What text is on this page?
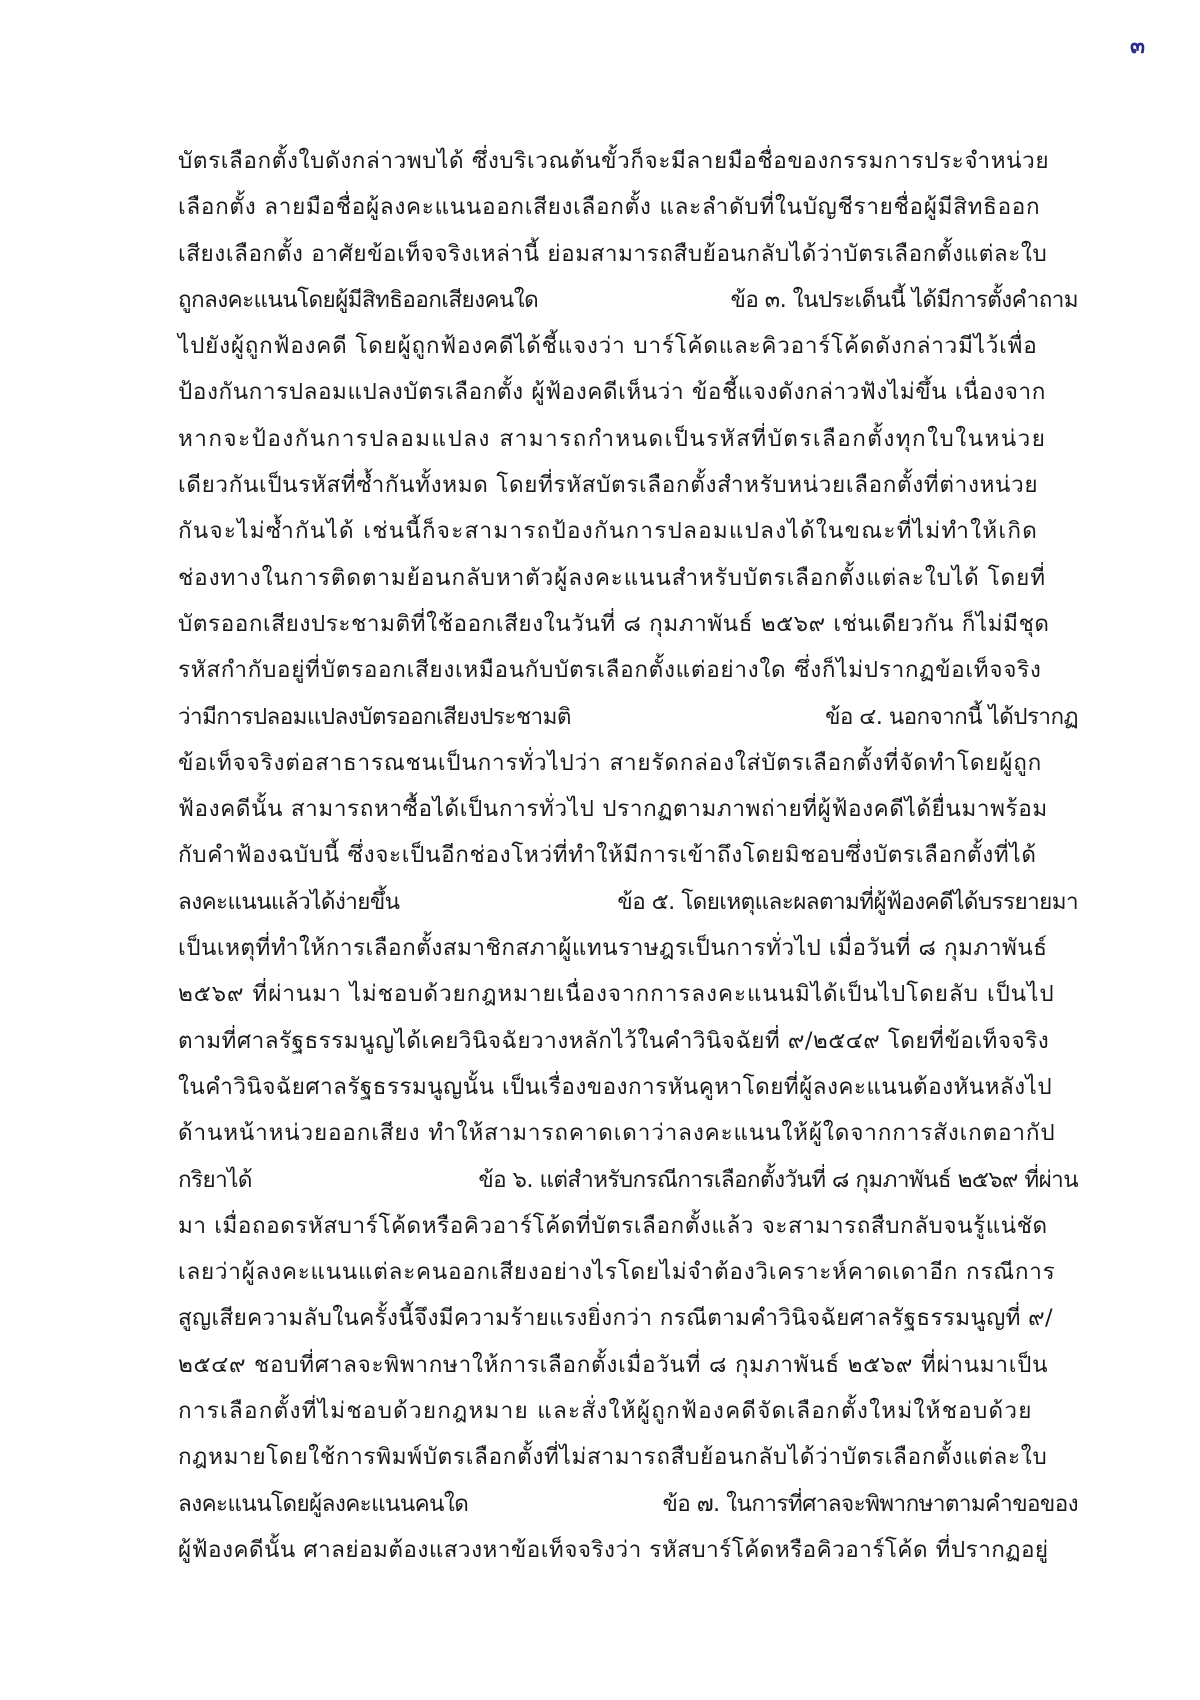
๓
บัตรเลือกตั้งใบดังกล่าวพบได้ ซึ่งบริเวณต้นขั้วก็จะมีลายมือชื่อของกรรมการประจำหน่วย
เลือกตั้ง ลายมือชื่อผู้ลงคะแนนออกเสียงเลือกตั้ง และลำดับที่ในบัญชีรายชื่อผู้มีสิทธิออก
เสียงเลือกตั้ง อาศัยข้อเท็จจริงเหล่านี้ ย่อมสามารถสืบย้อนกลับได้ว่าบัตรเลือกตั้งแต่ละใบ
ถูกลงคะแนนโดยผู้มีสิทธิออกเสียงคนใด	ข้อ ๓. ในประเด็นนี้ ได้มีการตั้งคำถาม
ไปยังผู้ถูกฟ้องคดี โดยผู้ถูกฟ้องคดีได้ชี้แจงว่า บาร์โค้ดและคิวอาร์โค้ดดังกล่าวมีไว้เพื่อ
ป้องกันการปลอมแปลงบัตรเลือกตั้ง ผู้ฟ้องคดีเห็นว่า ข้อชี้แจงดังกล่าวฟังไม่ขึ้น เนื่องจาก
หากจะป้องกันการปลอมแปลง สามารถกำหนดเป็นรหัสที่บัตรเลือกตั้งทุกใบในหน่วย
เดียวกันเป็นรหัสที่ซ้ำกันทั้งหมด โดยที่รหัสบัตรเลือกตั้งสำหรับหน่วยเลือกตั้งที่ต่างหน่วย
กันจะไม่ซ้ำกันได้ เช่นนี้ก็จะสามารถป้องกันการปลอมแปลงได้ในขณะที่ไม่ทำให้เกิด
ช่องทางในการติดตามย้อนกลับหาตัวผู้ลงคะแนนสำหรับบัตรเลือกตั้งแต่ละใบได้ โดยที่
บัตรออกเสียงประชามติที่ใช้ออกเสียงในวันที่ ๘ กุมภาพันธ์ ๒๕๖๙ เช่นเดียวกัน ก็ไม่มีชุด
รหัสกำกับอยู่ที่บัตรออกเสียงเหมือนกับบัตรเลือกตั้งแต่อย่างใด ซึ่งก็ไม่ปรากฏข้อเท็จจริง
ว่ามีการปลอมแปลงบัตรออกเสียงประชามติ	ข้อ ๔. นอกจากนี้ ได้ปรากฏ
ข้อเท็จจริงต่อสาธารณชนเป็นการทั่วไปว่า สายรัดกล่องใส่บัตรเลือกตั้งที่จัดทำโดยผู้ถูก
ฟ้องคดีนั้น สามารถหาซื้อได้เป็นการทั่วไป ปรากฏตามภาพถ่ายที่ผู้ฟ้องคดีได้ยื่นมาพร้อม
กับคำฟ้องฉบับนี้ ซึ่งจะเป็นอีกช่องโหว่ที่ทำให้มีการเข้าถึงโดยมิชอบซึ่งบัตรเลือกตั้งที่ได้
ลงคะแนนแล้วได้ง่ายขึ้น	ข้อ ๕. โดยเหตุและผลตามที่ผู้ฟ้องคดีได้บรรยายมา
เป็นเหตุที่ทำให้การเลือกตั้งสมาชิกสภาผู้แทนราษฎรเป็นการทั่วไป เมื่อวันที่ ๘ กุมภาพันธ์
๒๕๖๙ ที่ผ่านมา ไม่ชอบด้วยกฎหมายเนื่องจากการลงคะแนนมิได้เป็นไปโดยลับ เป็นไป
ตามที่ศาลรัฐธรรมนูญได้เคยวินิจฉัยวางหลักไว้ในคำวินิจฉัยที่ ๙/๒๕๔๙ โดยที่ข้อเท็จจริง
ในคำวินิจฉัยศาลรัฐธรรมนูญนั้น เป็นเรื่องของการหันคูหาโดยที่ผู้ลงคะแนนต้องหันหลังไป
ด้านหน้าหน่วยออกเสียง ทำให้สามารถคาดเดาว่าลงคะแนนให้ผู้ใดจากการสังเกตอากัป
กริยาได้	ข้อ ๖. แต่สำหรับกรณีการเลือกตั้งวันที่ ๘ กุมภาพันธ์ ๒๕๖๙ ที่ผ่าน
มา เมื่อถอดรหัสบาร์โค้ดหรือคิวอาร์โค้ดที่บัตรเลือกตั้งแล้ว จะสามารถสืบกลับจนรู้แน่ชัด
เลยว่าผู้ลงคะแนนแต่ละคนออกเสียงอย่างไรโดยไม่จำต้องวิเคราะห์คาดเดาอีก กรณีการ
สูญเสียความลับในครั้งนี้จึงมีความร้ายแรงยิ่งกว่า กรณีตามคำวินิจฉัยศาลรัฐธรรมนูญที่ ๙/
๒๕๔๙ ชอบที่ศาลจะพิพากษาให้การเลือกตั้งเมื่อวันที่ ๘ กุมภาพันธ์ ๒๕๖๙ ที่ผ่านมาเป็น
การเลือกตั้งที่ไม่ชอบด้วยกฎหมาย และสั่งให้ผู้ถูกฟ้องคดีจัดเลือกตั้งใหม่ให้ชอบด้วย
กฎหมายโดยใช้การพิมพ์บัตรเลือกตั้งที่ไม่สามารถสืบย้อนกลับได้ว่าบัตรเลือกตั้งแต่ละใบ
ลงคะแนนโดยผู้ลงคะแนนคนใด	ข้อ ๗. ในการที่ศาลจะพิพากษาตามคำขอของ
ผู้ฟ้องคดีนั้น ศาลย่อมต้องแสวงหาข้อเท็จจริงว่า รหัสบาร์โค้ดหรือคิวอาร์โค้ด ที่ปรากฏอยู่
